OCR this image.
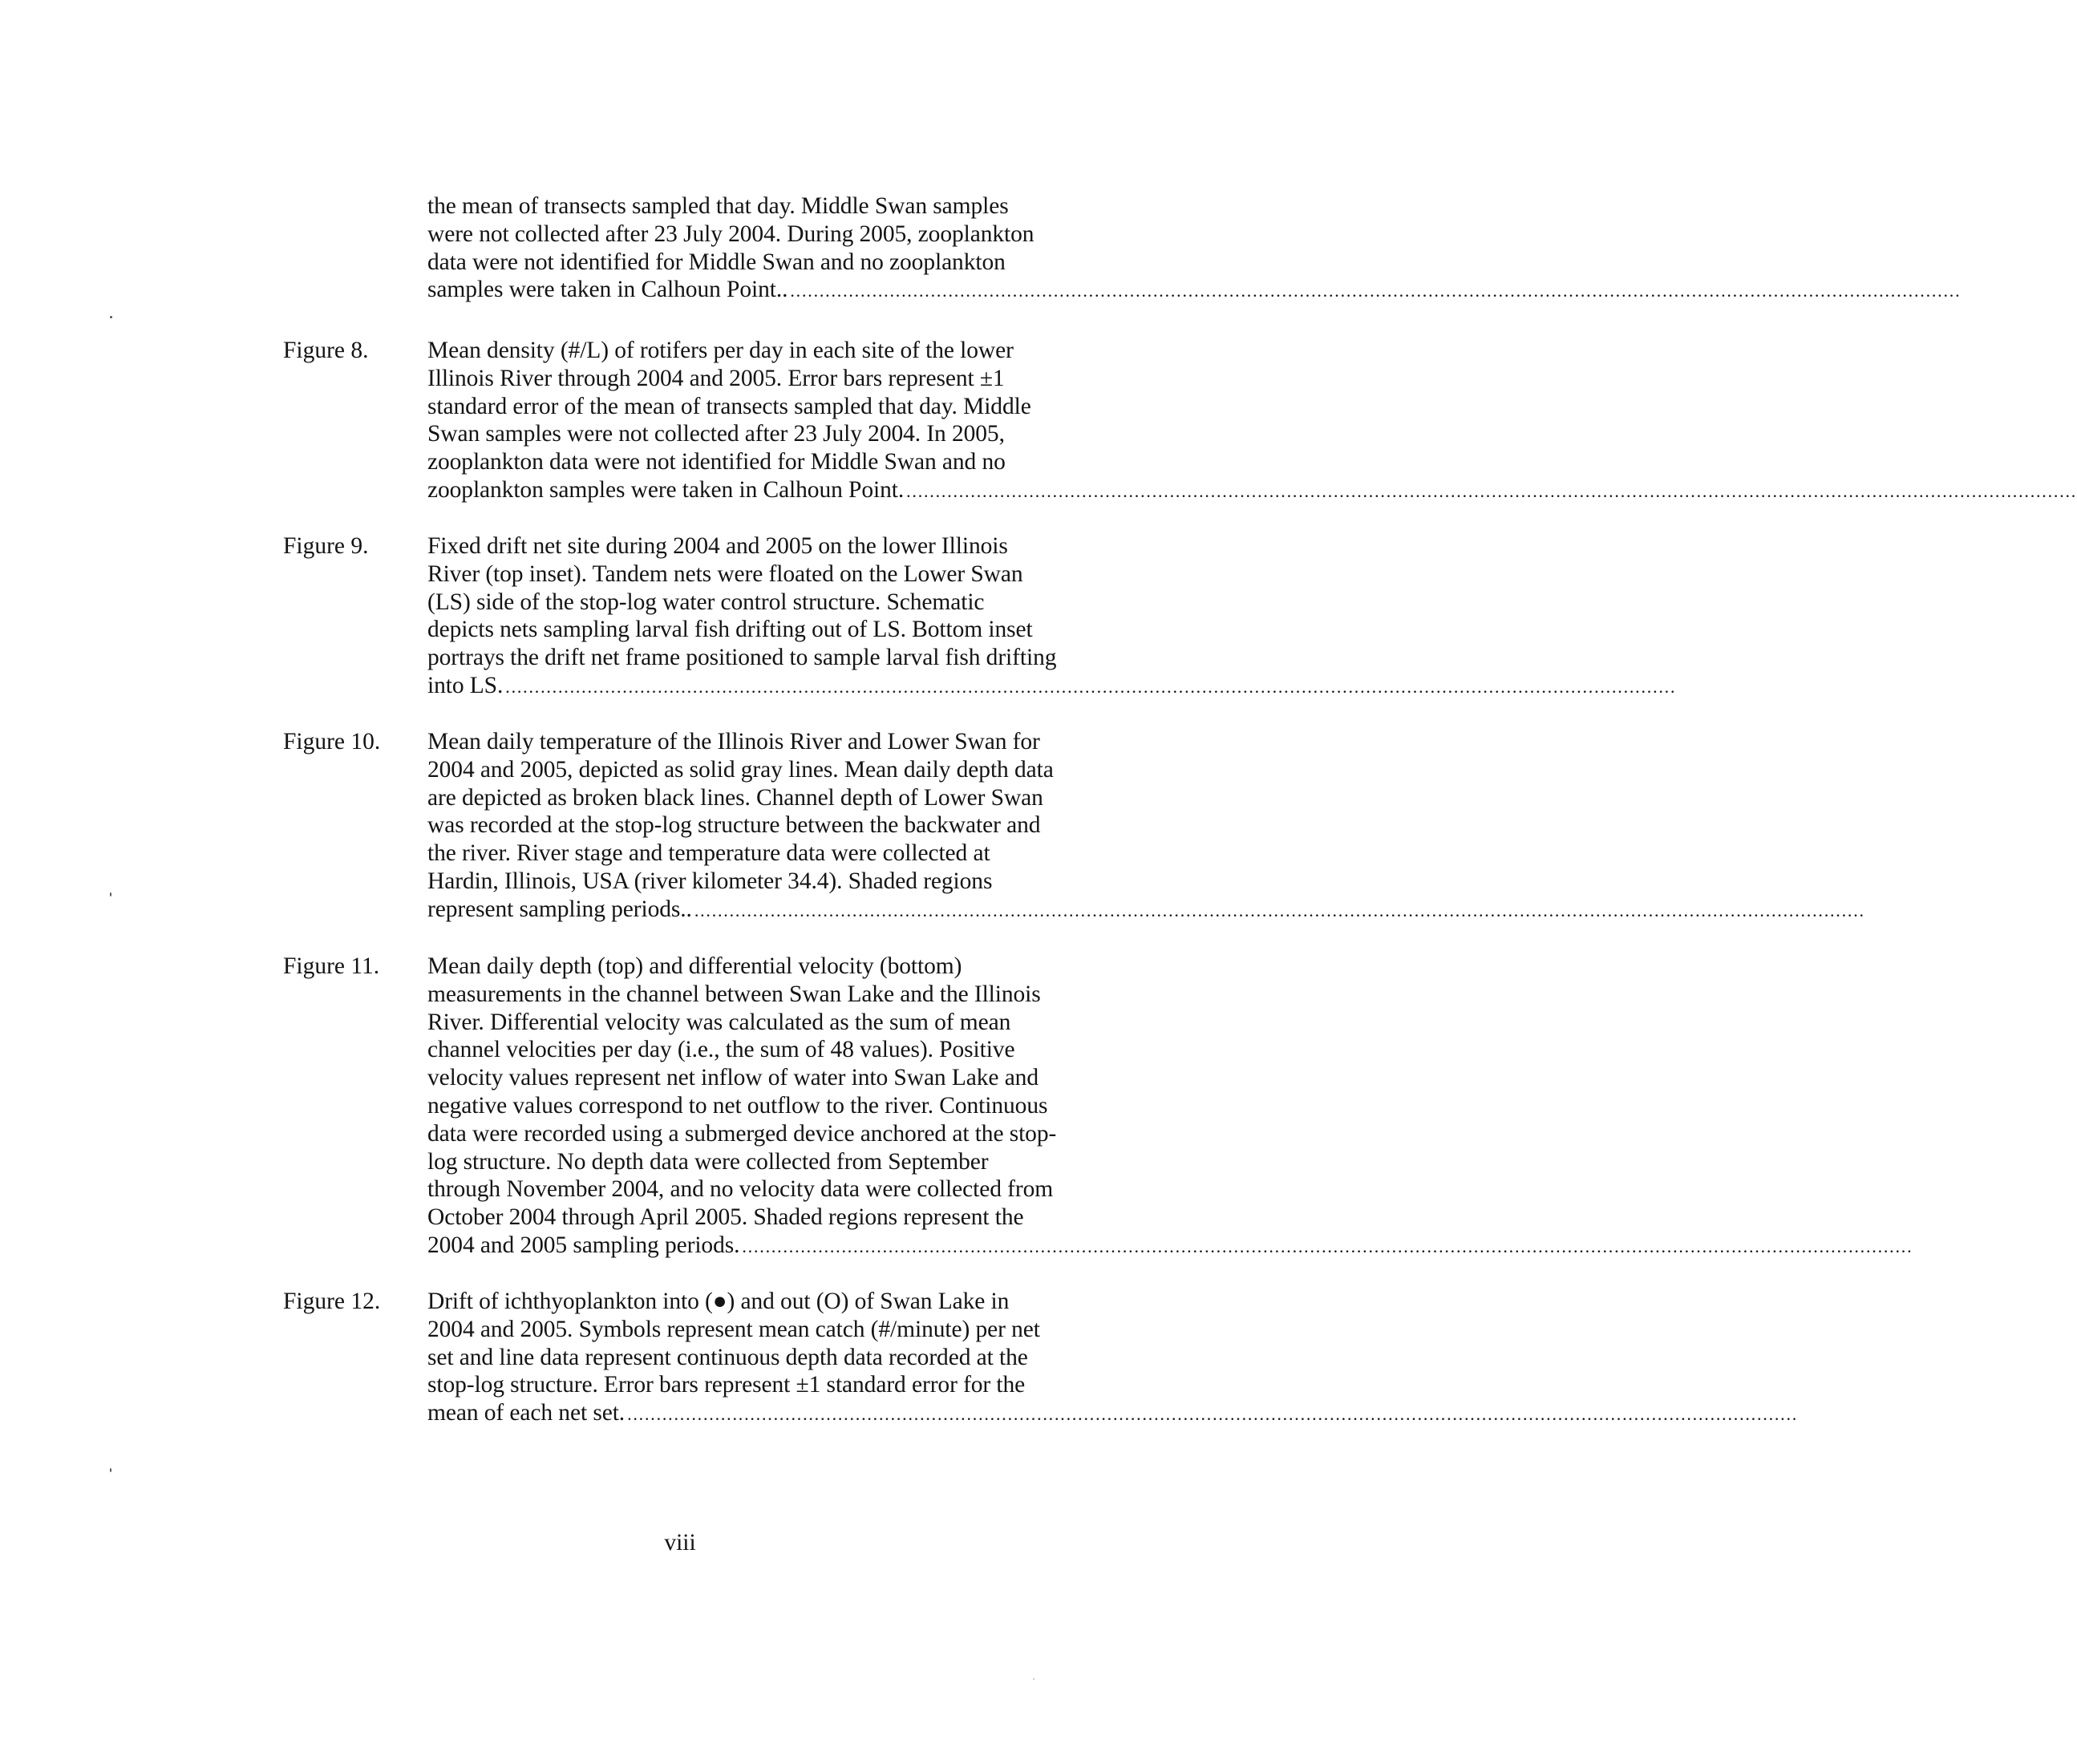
the mean of transects sampled that day. Middle Swan samples
were not collected after 23 July 2004. During 2005, zooplankton
data were not identified for Middle Swan and no zooplankton
samples were taken in Calhoun Point.. ........................................................................................................................................................................................................
Figure 8. Mean density (#/L) of rotifers per day in each site of the lower
Illinois River through 2004 and 2005. Error bars represent ±1
standard error of the mean of transects sampled that day. Middle
Swan samples were not collected after 23 July 2004. In 2005,
zooplankton data were not identified for Middle Swan and no
zooplankton samples were taken in Calhoun Point. ........................................................................................................................................................................................................
Figure 9. Fixed drift net site during 2004 and 2005 on the lower Illinois
River (top inset). Tandem nets were floated on the Lower Swan
(LS) side of the stop-log water control structure. Schematic
depicts nets sampling larval fish drifting out of LS. Bottom inset
portrays the drift net frame positioned to sample larval fish drifting
into LS. ........................................................................................................................................................................................................
Figure 10. Mean daily temperature of the Illinois River and Lower Swan for
2004 and 2005, depicted as solid gray lines. Mean daily depth data
are depicted as broken black lines. Channel depth of Lower Swan
was recorded at the stop-log structure between the backwater and
the river. River stage and temperature data were collected at
Hardin, Illinois, USA (river kilometer 34.4). Shaded regions
represent sampling periods.. ........................................................................................................................................................................................................
Figure 11. Mean daily depth (top) and differential velocity (bottom)
measurements in the channel between Swan Lake and the Illinois
River. Differential velocity was calculated as the sum of mean
channel velocities per day (i.e., the sum of 48 values). Positive
velocity values represent net inflow of water into Swan Lake and
negative values correspond to net outflow to the river. Continuous
data were recorded using a submerged device anchored at the stop-
log structure. No depth data were collected from September
through November 2004, and no velocity data were collected from
October 2004 through April 2005. Shaded regions represent the
2004 and 2005 sampling periods. ........................................................................................................................................................................................................
Figure 12. Drift of ichthyoplankton into (●) and out (O) of Swan Lake in
2004 and 2005. Symbols represent mean catch (#/minute) per net
set and line data represent continuous depth data recorded at the
stop-log structure. Error bars represent ±1 standard error for the
mean of each net set. ........................................................................................................................................................................................................
viii
